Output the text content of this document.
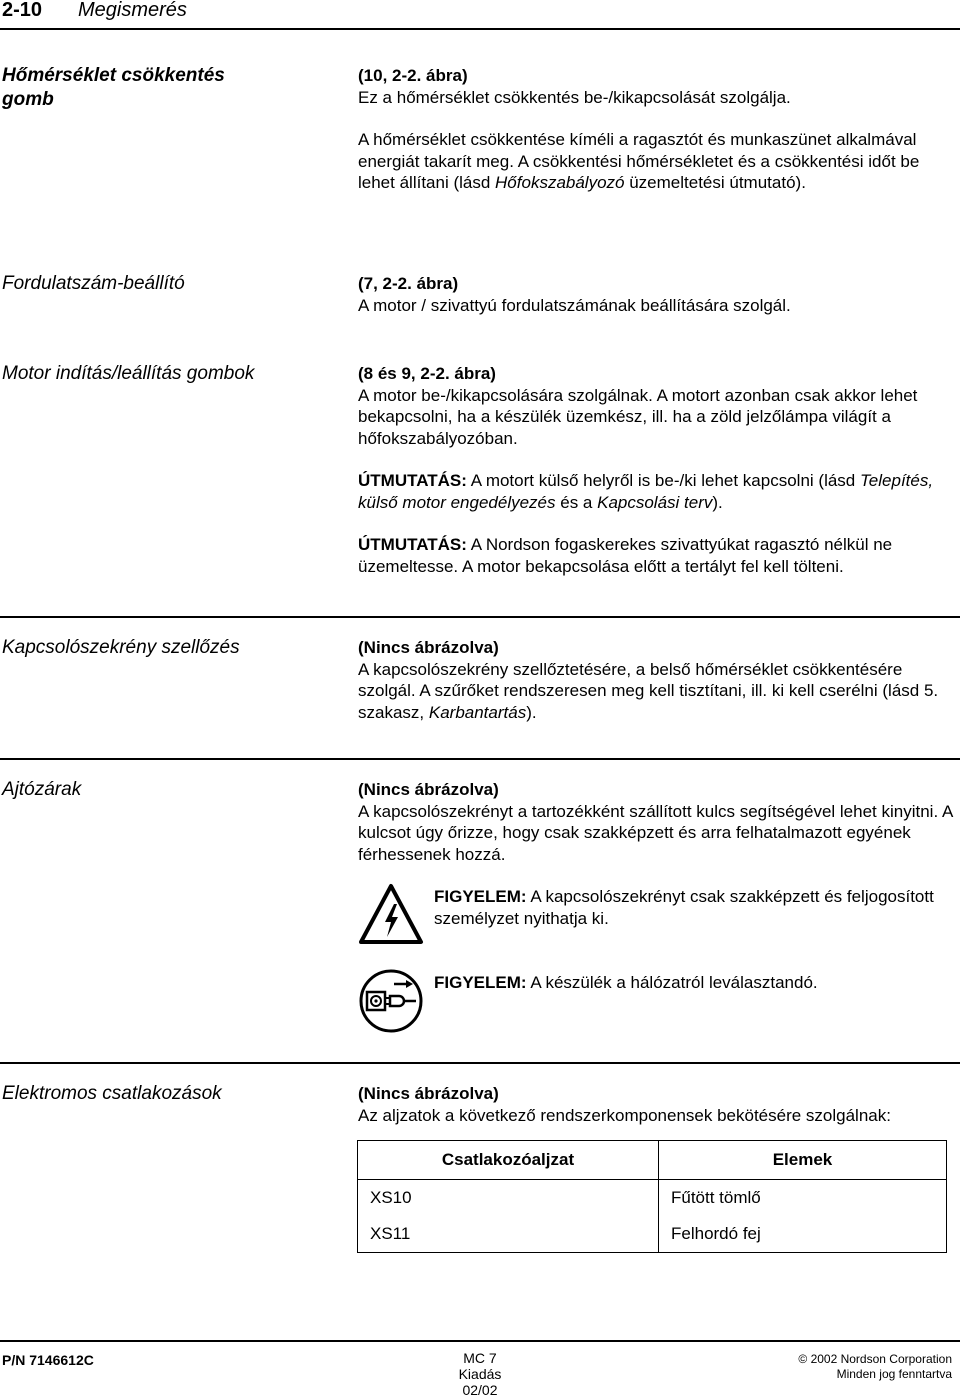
2-10 Megismerés
Hőmérséklet csökkentés
gomb

(10, 2-2. ábra)

Ez a hőmérséklet csökkentés be-/kikapcsolását szolgálja.

A hőmérséklet csökkentése kíméli a ragasztót és munkaszünet alkalmával energiát takarít meg. A csökkentési hőmérsékletet és a csökkentési időt be lehet állítani (lásd Hőfokszabályozó üzemeltetési útmutató).

Fordulatszám-beállító	(7, 2-2. ábra)

A motor / szivattyú fordulatszámának beállítására szolgál.

Motor indítás/leállítás gombok	(8 és 9, 2-2. ábra)

A motor be-/kikapcsolására szolgálnak. A motort azonban csak akkor lehet bekapcsolni, ha a készülék üzemkész, ill. ha a zöld jelzőlámpa világít a hőfokszabályozóban.

ÚTMUTATÁS: A motort külső helyről is be-/ki lehet kapcsolni (lásd Telepítés, külső motor engedélyezés és a Kapcsolási terv).

ÚTMUTATÁS: A Nordson fogaskerekes szivattyúkat ragasztó nélkül ne üzemeltesse. A motor bekapcsolása előtt a tertályt fel kell tölteni.

Kapcsolószekrény szellőzés	(Nincs ábrázolva)

A kapcsolószekrény szellőztetésére, a belső hőmérséklet csökkentésére szolgál. A szűrőket rendszeresen meg kell tisztítani, ill. ki kell cserélni (lásd 5. szakasz, Karbantartás).

Ajtózárak	(Nincs ábrázolva)

A kapcsolószekrényt a tartozékként szállított kulcs segítségével lehet kinyitni. A kulcsot úgy őrizze, hogy csak szakképzett és arra felhatalmazott egyének férhessenek hozzá.

FIGYELEM: A kapcsolószekrényt csak szakképzett és feljogosított személyzet nyithatja ki.
FIGYELEM: A készülék a hálózatról leválasztandó.
Elektromos csatlakozások	(Nincs ábrázolva)

Az aljzatok a következő rendszerkomponensek bekötésére szolgálnak:

Csatlakozóaljzat	Elemek
XS10	Fűtött tömlő
XS11	Felhordó fej
P/N 7146612C	MC 7
Kiadás 02/02
© 2002 Nordson Corporation
Minden jog fenntartva
